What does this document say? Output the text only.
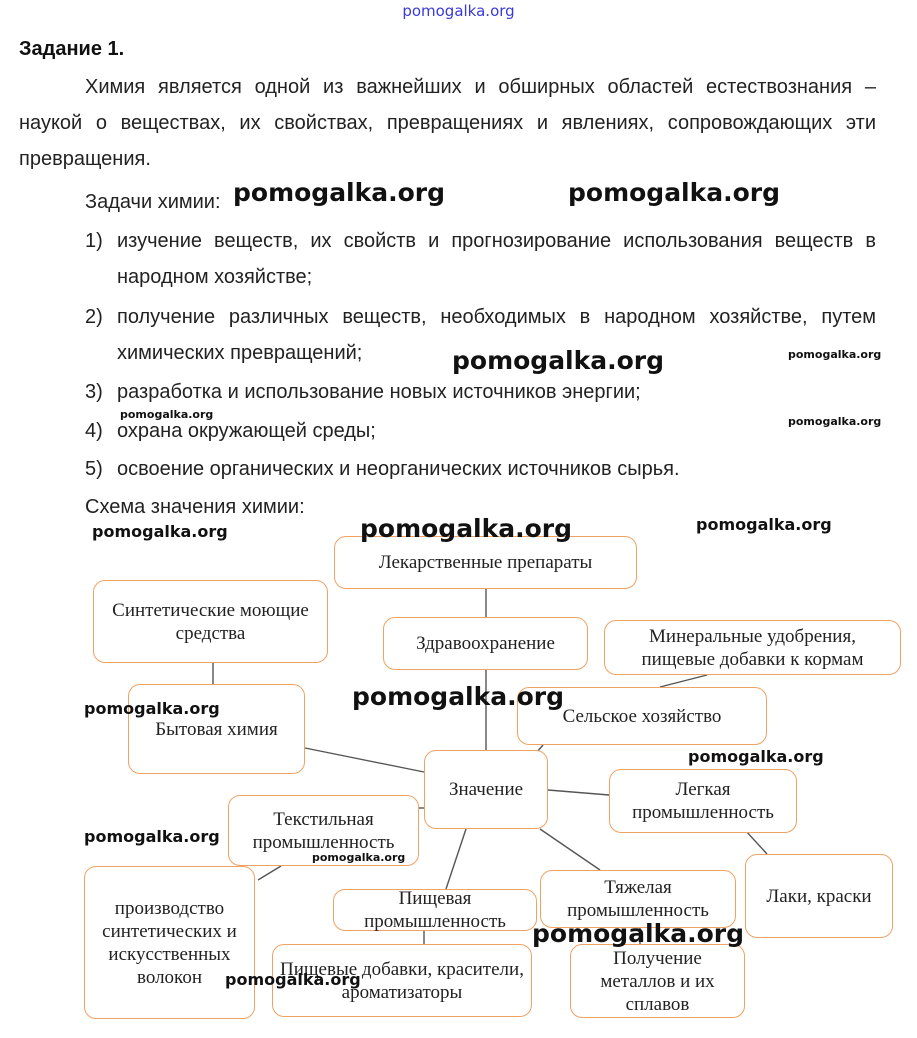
pomogalka.org
Задание 1.
Химия является одной из важнейших и обширных областей естествознания – наукой о веществах, их свойствах, превращениях и явлениях, сопровождающих эти превращения.
Задачи химии:
1) изучение веществ, их свойств и прогнозирование использования веществ в народном хозяйстве;
2) получение различных веществ, необходимых в народном хозяйстве, путем химических превращений;
3) разработка и использование новых источников энергии;
4) охрана окружающей среды;
5) освоение органических и неорганических источников сырья.
Схема значения химии:
Лекарственные препараты
Здравоохранение
Синтетические моющие средства
Бытовая химия
Минеральные удобрения, пищевые добавки к кормам
Сельское хозяйство
Значение	Легкая промышленность
Лаки, краски
Текстильная промышленность
производство синтетических и искусственных волокон
Пищевая промышленность
Пищевые добавки, красители, ароматизаторы
Тяжелая промышленность
Получение металлов и их сплавов
pomogalka.org	pomogalka.org
pomogalka.org	pomogalka.org
pomogalka.org
pomogalka.org
pomogalka.org
pomogalka.org	pomogalka.org
pomogalka.org
pomogalka.org
pomogalka.org
pomogalka.org
pomogalka.org
pomogalka.org
pomogalka.org
